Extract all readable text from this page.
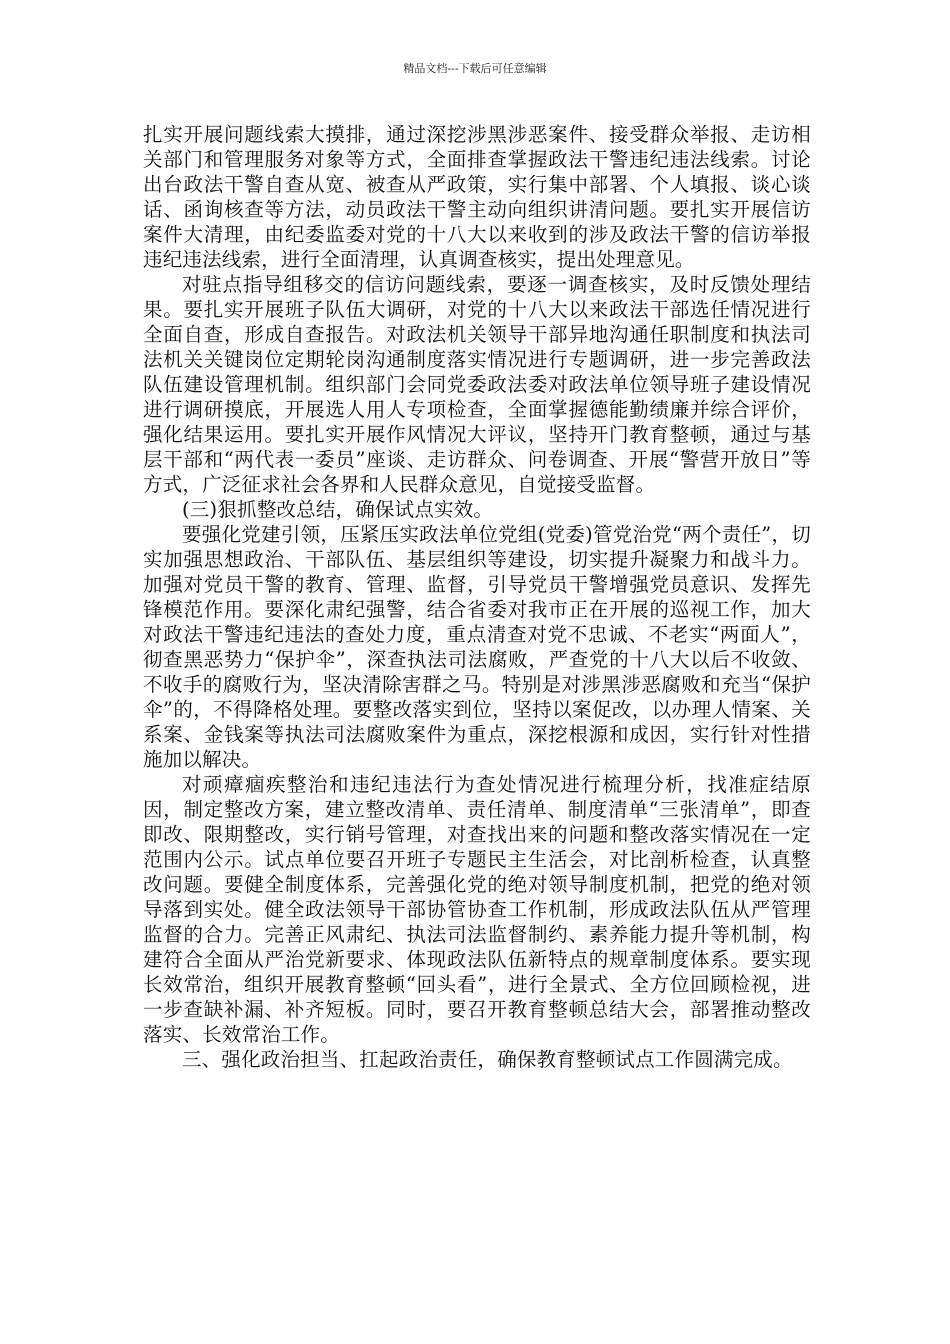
精品文档---下载后可任意编辑

扎实开展问题线索大摸排，通过深挖涉黑涉恶案件、接受群众举报、走访相关部门和管理服务对象等方式，全面排查掌握政法干警违纪违法线索。讨论出台政法干警自查从宽、被查从严政策，实行集中部署、个人填报、谈心谈话、函询核查等方法，动员政法干警主动向组织讲清问题。要扎实开展信访案件大清理，由纪委监委对党的十八大以来收到的涉及政法干警的信访举报违纪违法线索，进行全面清理，认真调查核实，提出处理意见。

对驻点指导组移交的信访问题线索，要逐一调查核实，及时反馈处理结果。要扎实开展班子队伍大调研，对党的十八大以来政法干部选任情况进行全面自查，形成自查报告。对政法机关领导干部异地沟通任职制度和执法司法机关关键岗位定期轮岗沟通制度落实情况进行专题调研，进一步完善政法队伍建设管理机制。组织部门会同党委政法委对政法单位领导班子建设情况进行调研摸底，开展选人用人专项检查，全面掌握德能勤绩廉并综合评价，强化结果运用。要扎实开展作风情况大评议，坚持开门教育整顿，通过与基层干部和“两代表一委员”座谈、走访群众、问卷调查、开展“警营开放日”等方式，广泛征求社会各界和人民群众意见，自觉接受监督。

(三)狠抓整改总结，确保试点实效。

要强化党建引领，压紧压实政法单位党组(党委)管党治党“两个责任”，切实加强思想政治、干部队伍、基层组织等建设，切实提升凝聚力和战斗力。加强对党员干警的教育、管理、监督，引导党员干警增强党员意识、发挥先锋模范作用。要深化肃纪强警，结合省委对我市正在开展的巡视工作，加大对政法干警违纪违法的查处力度，重点清查对党不忠诚、不老实“两面人”，彻查黑恶势力“保护伞”，深查执法司法腐败，严查党的十八大以后不收敛、不收手的腐败行为，坚决清除害群之马。特别是对涉黑涉恶腐败和充当“保护伞”的，不得降格处理。要整改落实到位，坚持以案促改，以办理人情案、关系案、金钱案等执法司法腐败案件为重点，深挖根源和成因，实行针对性措施加以解决。

对顽瘴痼疾整治和违纪违法行为查处情况进行梳理分析，找准症结原因，制定整改方案，建立整改清单、责任清单、制度清单“三张清单”，即查即改、限期整改，实行销号管理，对查找出来的问题和整改落实情况在一定范围内公示。试点单位要召开班子专题民主生活会，对比剖析检查，认真整改问题。要健全制度体系，完善强化党的绝对领导制度机制，把党的绝对领导落到实处。健全政法领导干部协管协查工作机制，形成政法队伍从严管理监督的合力。完善正风肃纪、执法司法监督制约、素养能力提升等机制，构建符合全面从严治党新要求、体现政法队伍新特点的规章制度体系。要实现长效常治，组织开展教育整顿“回头看”，进行全景式、全方位回顾检视，进一步查缺补漏、补齐短板。同时，要召开教育整顿总结大会，部署推动整改落实、长效常治工作。

三、强化政治担当、扛起政治责任，确保教育整顿试点工作圆满完成。
